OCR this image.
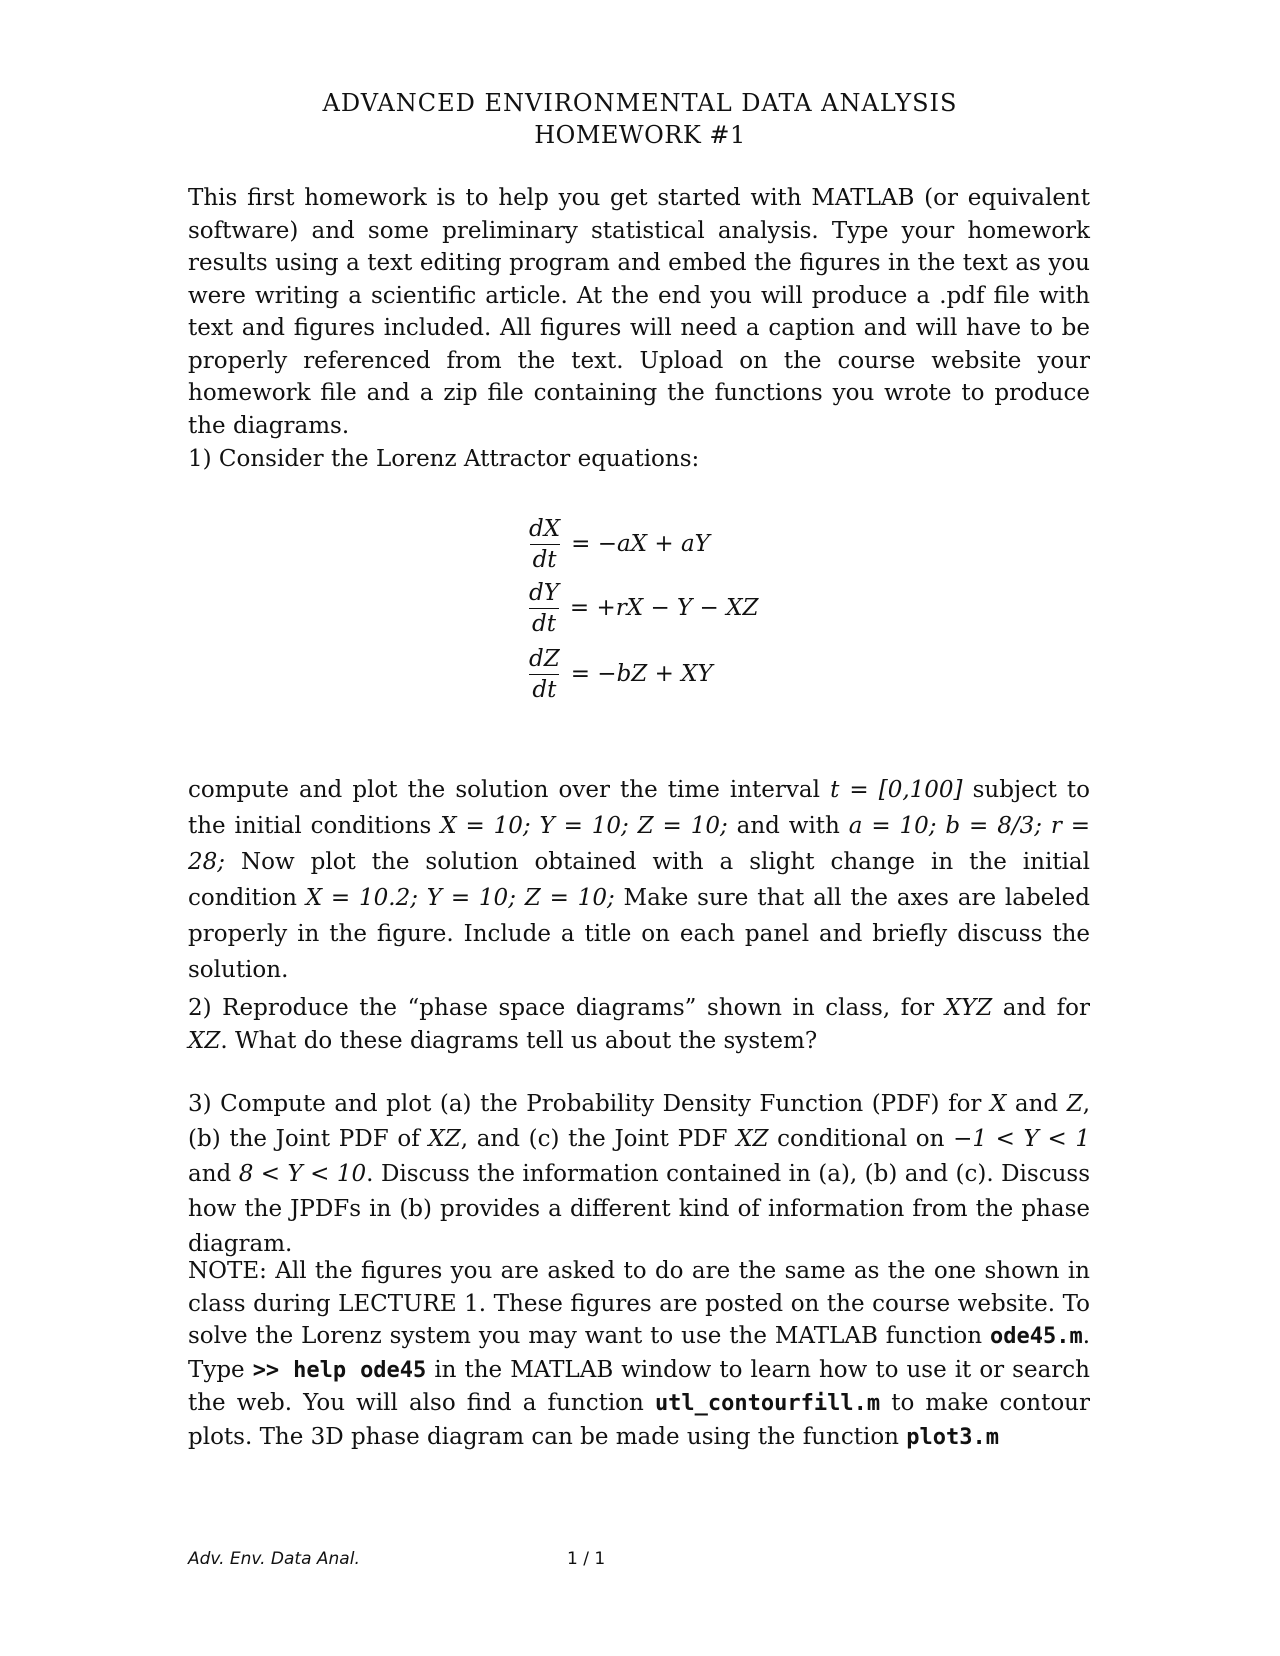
ADVANCED ENVIRONMENTAL DATA ANALYSIS
HOMEWORK #1

This first homework is to help you get started with MATLAB (or equivalent software) and some preliminary statistical analysis. Type your homework results using a text editing program and embed the figures in the text as you were writing a scientific article. At the end you will produce a .pdf file with text and figures included. All figures will need a caption and will have to be properly referenced from the text. Upload on the course website your homework file and a zip file containing the functions you wrote to produce the diagrams.

1) Consider the Lorenz Attractor equations:
$\frac{dX}{dt} = -aX$ + aY
$\frac{dY}{dt} = +rX - Y$ − XZ
$\frac{dZ}{dt} = -bZ$ + XY

compute and plot the solution over the time interval t = [0,100] subject to the initial conditions X = 10; Y = 10; Z = 10; and with a = 10; b = 8/3; r = 28; Now plot the solution obtained with a slight change in the initial condition X = 10.2; Y = 10; Z = 10; Make sure that all the axes are labeled properly in the figure. Include a title on each panel and briefly discuss the solution.

2) Reproduce the “phase space diagrams” shown in class, for XYZ and for XZ. What do these diagrams tell us about the system?

3) Compute and plot (a) the Probability Density Function (PDF) for X and Z, (b) the Joint PDF of XZ, and (c) the Joint PDF XZ conditional on −1 < Y < 1 and 8 < Y < 10. Discuss the information contained in (a), (b) and (c). Discuss how the JPDFs in (b) provides a different kind of information from the phase diagram.

NOTE: All the figures you are asked to do are the same as the one shown in class during LECTURE 1. These figures are posted on the course website. To solve the Lorenz system you may want to use the MATLAB function ode45.m. Type >> help ode45 in the MATLAB window to learn how to use it or search the web. You will also find a function utl_contourfill.m to make contour plots. The 3D phase diagram can be made using the function plot3.m

Adv. Env. Data Anal.	1 / 1
